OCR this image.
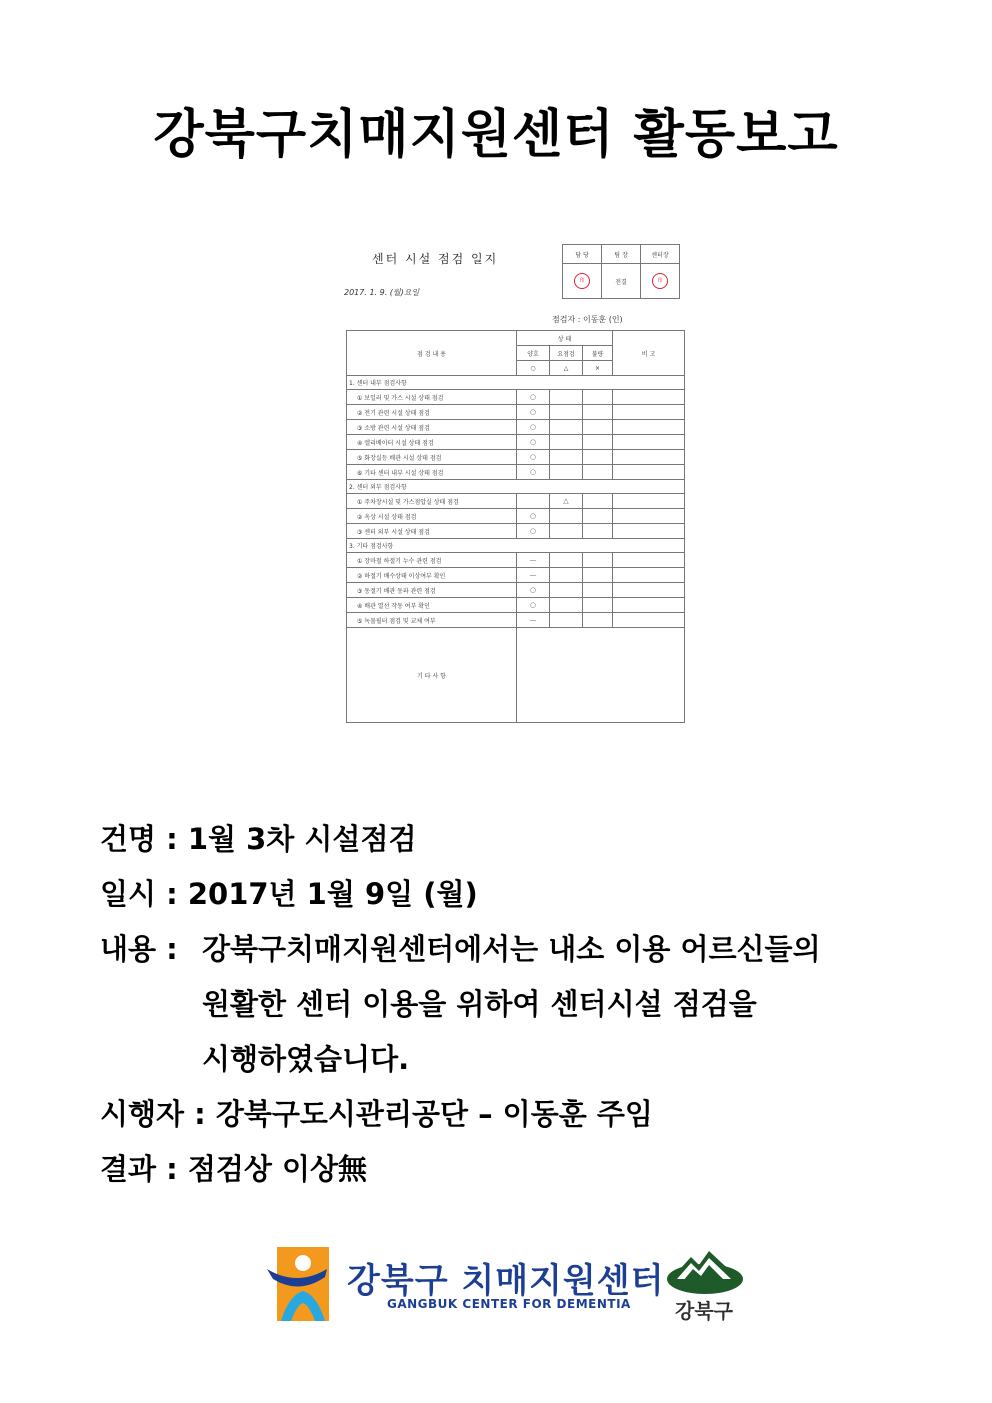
강북구치매지원센터 활동보고
센터 시설 점검 일지
2017. 1. 9. (월)요일
점검자 : 이동훈 (인)
담 당	팀 장	센터장
印	전결	印
점 검 내 용	상 태			비 고
	양호	요점검	불량	
	○	△	×	
1. 센터 내부 점검사항				
① 보일러 및 가스 시설 상태 점검	○			
② 전기 관련 시설 상태 점검	○			
③ 소방 관련 시설 상태 점검	○			
④ 엘리베이터 시설 상태 점검	○			
⑤ 화장실등 배관 시설 상태 점검	○			
⑥ 기타 센터 내부 시설 상태 점검	○			
2. 센터 외부 점검사항				
① 주차장시설 및 가스점압실 상태 점검		△		
② 옥상 시설 상태 점검	○			
③ 센터 외부 시설 상태 점검	○			
3. 기타 점검사항				
① 장마철 하절기 누수 관련 점검	—			
② 하절기 배수상태 이상여부 확인	—			
③ 동절기 배관 동파 관련 점검	○			
④ 배관 열선 작동 여부 확인	○			
⑤ 녹물필터 점검 및 교체 여부	—			
기 타 사 항				
건명 : 1월 3차 시설점검
일시 : 2017년 1월 9일 (월)
내용 : 강북구치매지원센터에서는 내소 이용 어르신들의 원활한 센터 이용을 위하여 센터시설 점검을 시행하였습니다.
시행자 : 강북구도시관리공단 – 이동훈 주임
결과 : 점검상 이상無
강북구 치매지원센터
GANGBUK CENTER FOR DEMENTIA 강북구
